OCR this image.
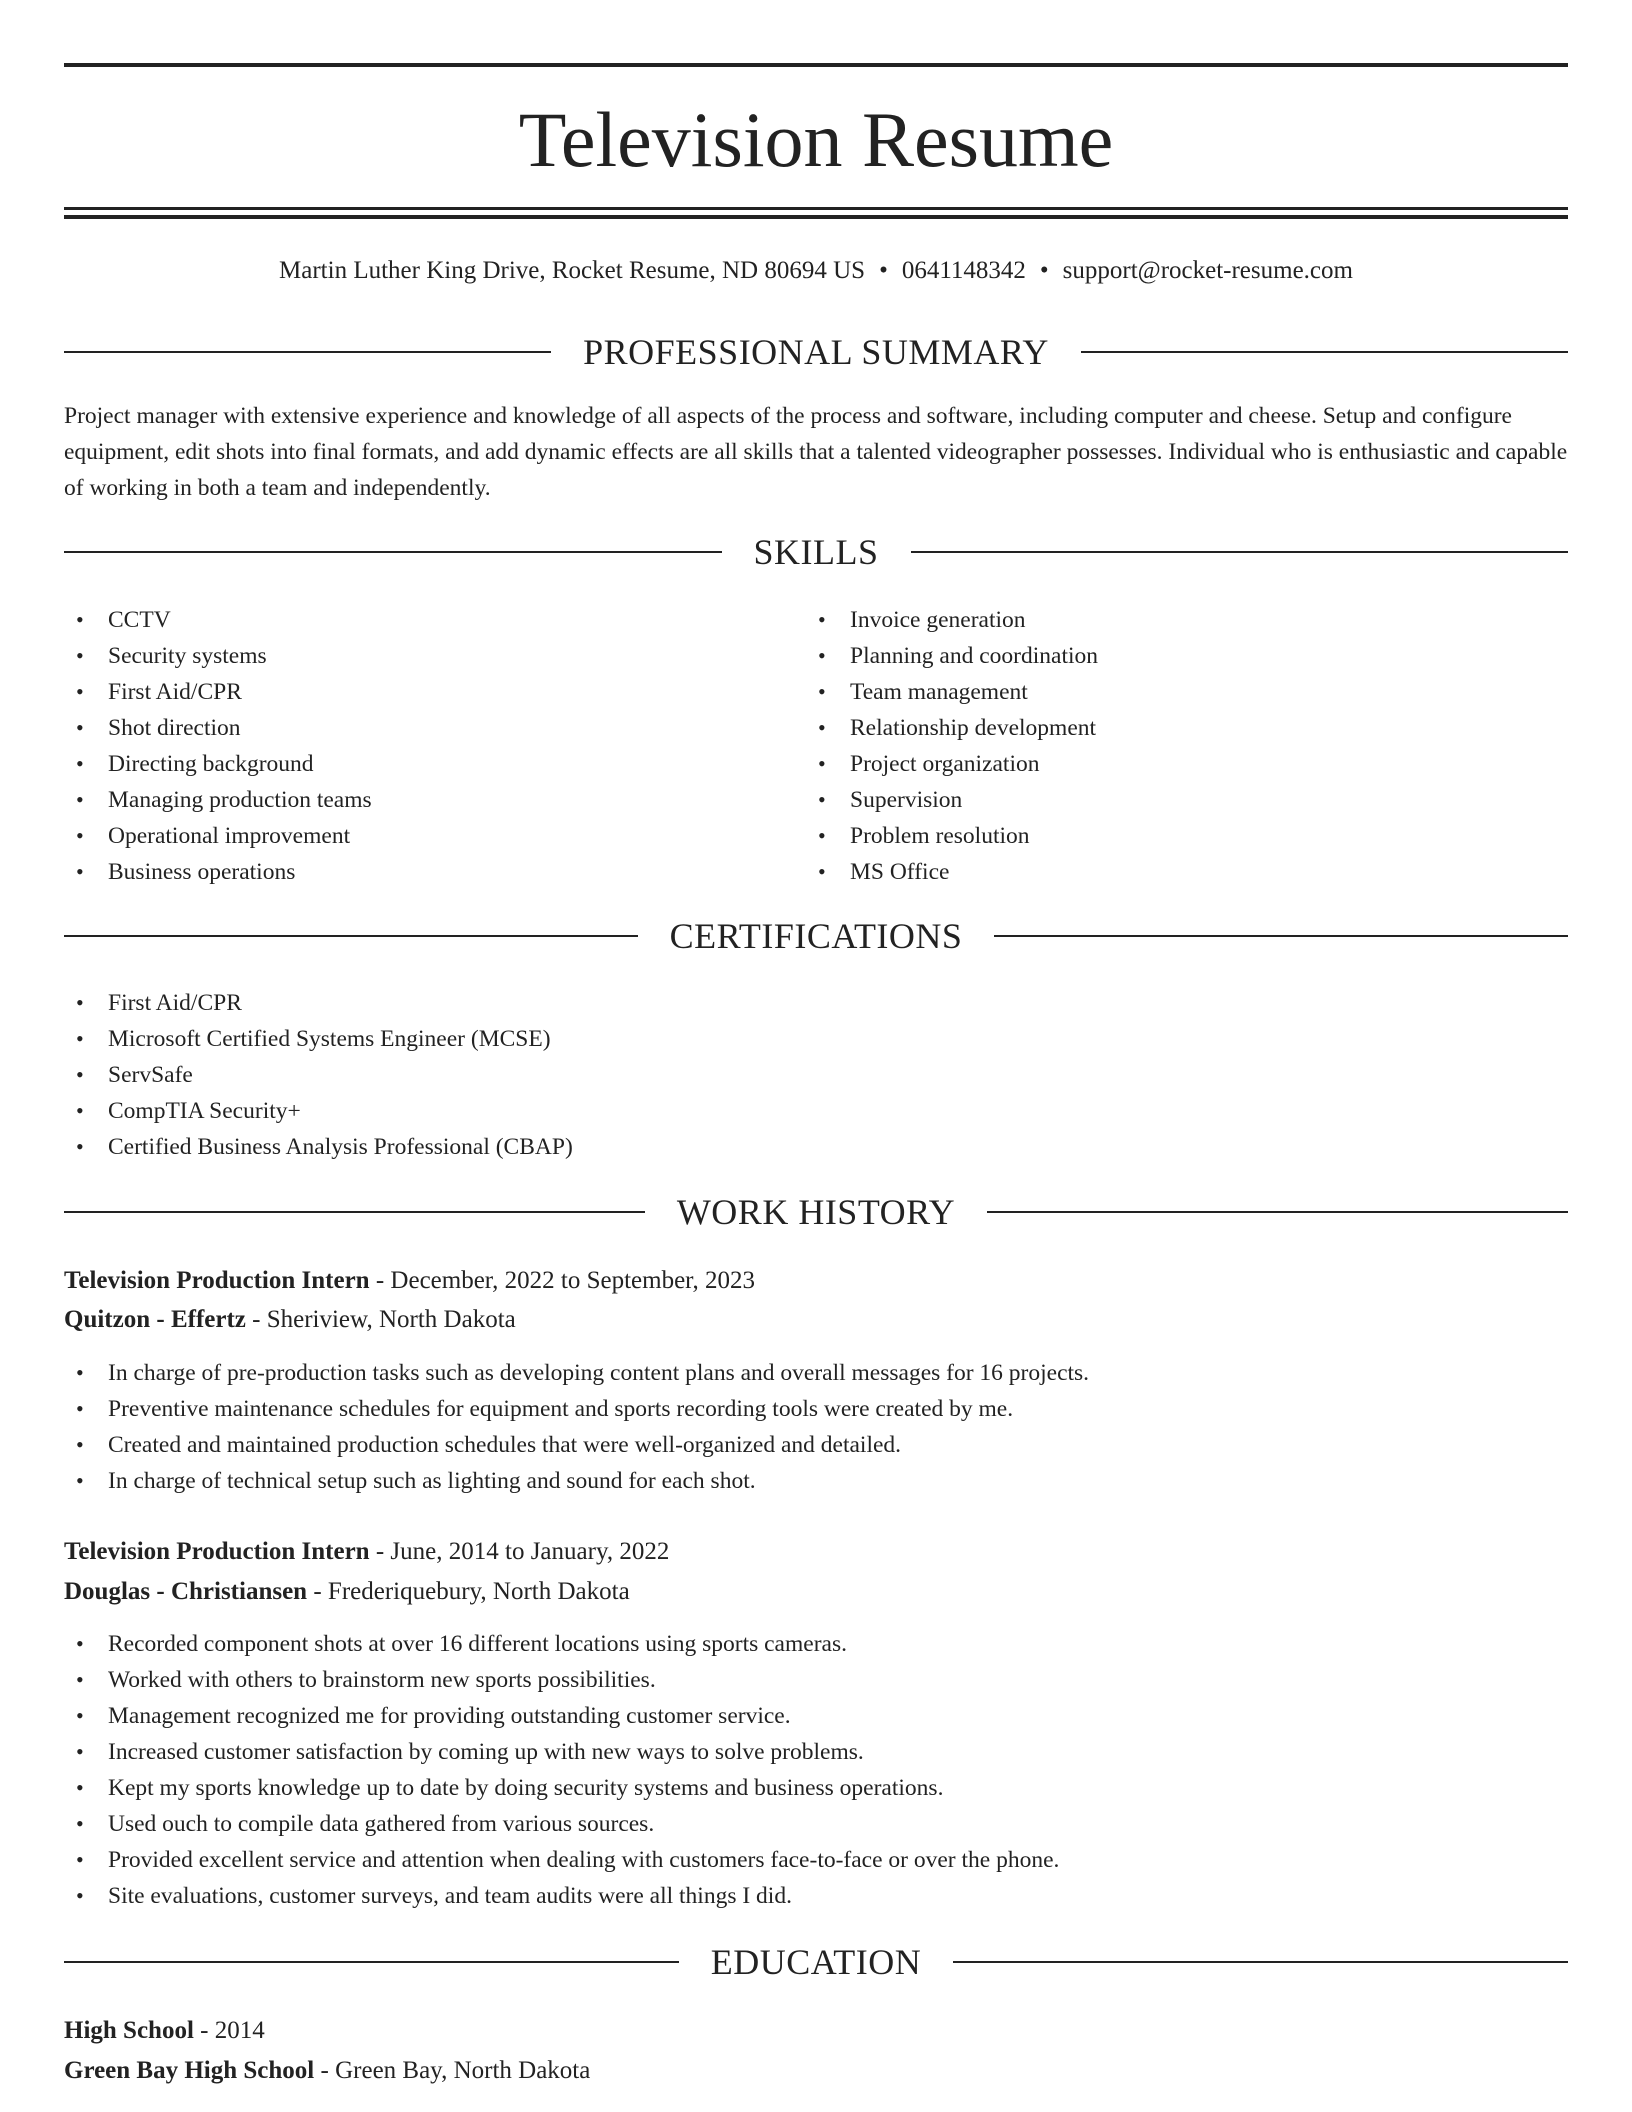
Television Resume
Martin Luther King Drive, Rocket Resume, ND 80694 US • 0641148342 • support@rocket-resume.com
PROFESSIONAL SUMMARY

Project manager with extensive experience and knowledge of all aspects of the process and software, including computer and cheese. Setup and configure equipment, edit shots into final formats, and add dynamic effects are all skills that a talented videographer possesses. Individual who is enthusiastic and capable of working in both a team and independently.

SKILLS
• CCTV
• Security systems
• First Aid/CPR
• Shot direction
• Directing background
• Managing production teams
• Operational improvement
• Business operations
• Invoice generation
• Planning and coordination
• Team management
• Relationship development
• Project organization
• Supervision
• Problem resolution
• MS Office
CERTIFICATIONS
• First Aid/CPR
• Microsoft Certified Systems Engineer (MCSE)
• ServSafe
• CompTIA Security+
• Certified Business Analysis Professional (CBAP)
WORK HISTORY
Television Production Intern - December, 2022 to September, 2023
Quitzon - Effertz - Sheriview, North Dakota
• In charge of pre-production tasks such as developing content plans and overall messages for 16 projects.
• Preventive maintenance schedules for equipment and sports recording tools were created by me.
• Created and maintained production schedules that were well-organized and detailed.
• In charge of technical setup such as lighting and sound for each shot.
Television Production Intern - June, 2014 to January, 2022
Douglas - Christiansen - Frederiquebury, North Dakota
• Recorded component shots at over 16 different locations using sports cameras.
• Worked with others to brainstorm new sports possibilities.
• Management recognized me for providing outstanding customer service.
• Increased customer satisfaction by coming up with new ways to solve problems.
• Kept my sports knowledge up to date by doing security systems and business operations.
• Used ouch to compile data gathered from various sources.
• Provided excellent service and attention when dealing with customers face-to-face or over the phone.
• Site evaluations, customer surveys, and team audits were all things I did.
EDUCATION
High School - 2014
Green Bay High School - Green Bay, North Dakota
